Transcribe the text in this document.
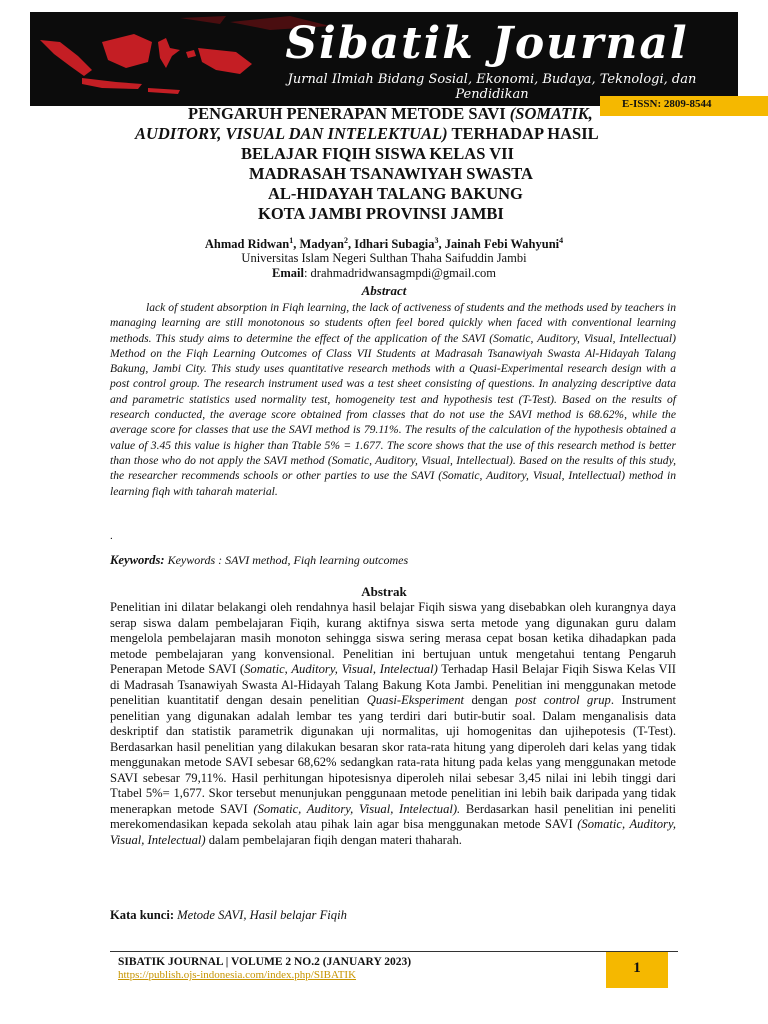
Sibatik Journal
Jurnal Ilmiah Bidang Sosial, Ekonomi, Budaya, Teknologi, dan Pendidikan
E-ISSN: 2809-8544
PENGARUH PENERAPAN METODE SAVI (SOMATIK,
AUDITORY, VISUAL DAN INTELEKTUAL) TERHADAP HASIL
BELAJAR FIQIH SISWA KELAS VII
MADRASAH TSANAWIYAH SWASTA
AL-HIDAYAH TALANG BAKUNG
KOTA JAMBI PROVINSI JAMBI
Ahmad Ridwan$^1$, Madyan$^2$, Idhari Subagia$^3$, Jainah Febi Wahyuni$^4$
Universitas Islam Negeri Sulthan Thaha Saifuddin Jambi
Email: drahmadridwansagmpdi@gmail.com
Abstract
lack of student absorption in Fiqh learning, the lack of activeness of students and the methods used by teachers in managing learning are still monotonous so students often feel bored quickly when faced with conventional learning methods. This study aims to determine the effect of the application of the SAVI (Somatic, Auditory, Visual, Intellectual) Method on the Fiqh Learning Outcomes of Class VII Students at Madrasah Tsanawiyah Swasta Al-Hidayah Talang Bakung, Jambi City. This study uses quantitative research methods with a Quasi-Experimental research design with a post control group. The research instrument used was a test sheet consisting of questions. In analyzing descriptive data and parametric statistics used normality test, homogeneity test and hypothesis test (T-Test). Based on the results of research conducted, the average score obtained from classes that do not use the SAVI method is 68.62%, while the average score for classes that use the SAVI method is 79.11%. The results of the calculation of the hypothesis obtained a value of 3.45 this value is higher than Ttable 5% = 1.677. The score shows that the use of this research method is better than those who do not apply the SAVI method (Somatic, Auditory, Visual, Intellectual). Based on the results of this study, the researcher recommends schools or other parties to use the SAVI (Somatic, Auditory, Visual, Intellectual) method in learning fiqh with taharah material.
.
Keywords: Keywords : SAVI method, Fiqh learning outcomes
Abstrak
Penelitian ini dilatar belakangi oleh rendahnya hasil belajar Fiqih siswa yang disebabkan oleh kurangnya daya serap siswa dalam pembelajaran Fiqih, kurang aktifnya siswa serta metode yang digunakan guru dalam mengelola pembelajaran masih monoton sehingga siswa sering merasa cepat bosan ketika dihadapkan pada metode pembelajaran yang konvensional. Penelitian ini bertujuan untuk mengetahui tentang Pengaruh Penerapan Metode SAVI (Somatic, Auditory, Visual, Intelectual) Terhadap Hasil Belajar Fiqih Siswa Kelas VII di Madrasah Tsanawiyah Swasta Al-Hidayah Talang Bakung Kota Jambi. Penelitian ini menggunakan metode penelitian kuantitatif dengan desain penelitian Quasi-Eksperiment dengan post control grup. Instrument penelitian yang digunakan adalah lembar tes yang terdiri dari butir-butir soal. Dalam menganalisis data deskriptif dan statistik parametrik digunakan uji normalitas, uji homogenitas dan ujihepotesis (T-Test). Berdasarkan hasil penelitian yang dilakukan besaran skor rata-rata hitung yang diperoleh dari kelas yang tidak menggunakan metode SAVI sebesar 68,62% sedangkan rata-rata hitung pada kelas yang menggunakan metode SAVI sebesar 79,11%. Hasil perhitungan hipotesisnya diperoleh nilai sebesar 3,45 nilai ini lebih tinggi dari Ttabel 5%= 1,677. Skor tersebut menunjukan penggunaan metode penelitian ini lebih baik daripada yang tidak menerapkan metode SAVI (Somatic, Auditory, Visual, Intelectual). Berdasarkan hasil penelitian ini peneliti merekomendasikan kepada sekolah atau pihak lain agar bisa menggunakan metode SAVI (Somatic, Auditory, Visual, Intelectual) dalam pembelajaran fiqih dengan materi thaharah.
Kata kunci: Metode SAVI, Hasil belajar Fiqih
SIBATIK JOURNAL | VOLUME 2 NO.2 (JANUARY 2023)
https://publish.ojs-indonesia.com/index.php/SIBATIK	1
